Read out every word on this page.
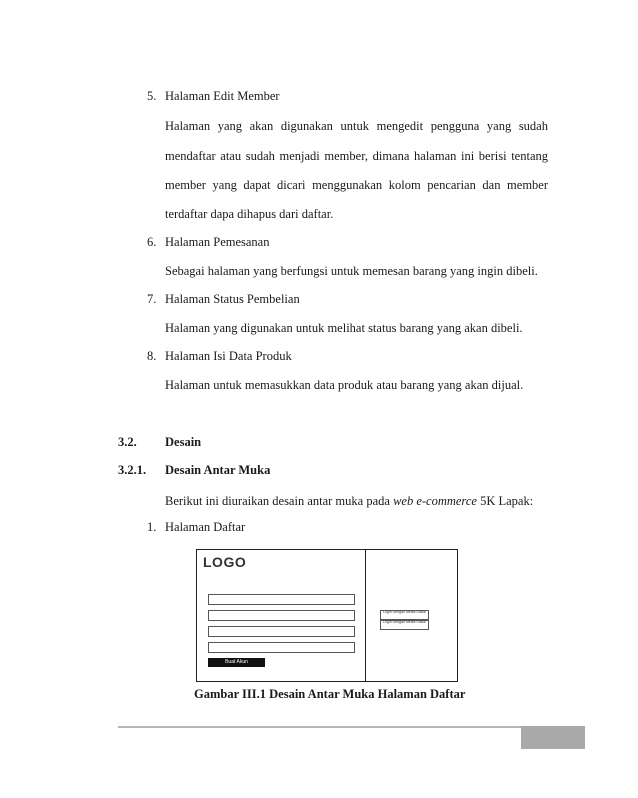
5. Halaman Edit Member
Halaman yang akan digunakan untuk mengedit pengguna yang sudah
mendaftar atau sudah menjadi member, dimana halaman ini berisi tentang
member yang dapat dicari menggunakan kolom pencarian dan member
terdaftar dapa dihapus dari daftar.
6. Halaman Pemesanan
Sebagai halaman yang berfungsi untuk memesan barang yang ingin dibeli.
7. Halaman Status Pembelian
Halaman yang digunakan untuk melihat status barang yang akan dibeli.
8. Halaman Isi Data Produk
Halaman untuk memasukkan data produk atau barang yang akan dijual.
3.2. Desain
3.2.1. Desain Antar Muka
Berikut ini diuraikan desain antar muka pada web e-commerce 5K Lapak:
1. Halaman Daftar
LOGO
Buat Akun
Login Dengan Media Sosial
Login Dengan Media Sosial
Gambar III.1 Desain Antar Muka Halaman Daftar
